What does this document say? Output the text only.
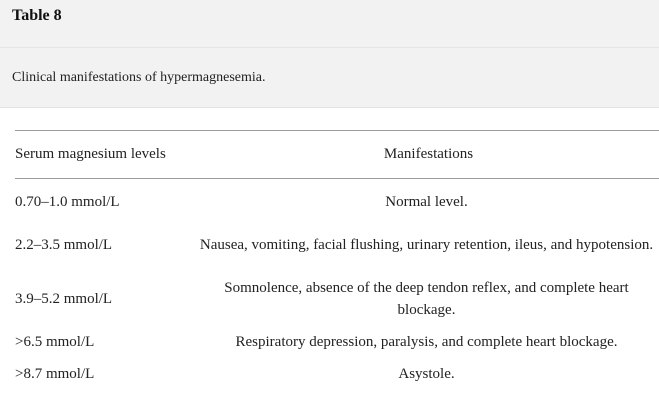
Table 8
Clinical manifestations of hypermagnesemia.
Serum magnesium levels	Manifestations
0.70–1.0 mmol/L	Normal level.
2.2–3.5 mmol/L	Nausea, vomiting, facial flushing, urinary retention, ileus, and hypotension.
3.9–5.2 mmol/L	Somnolence, absence of the deep tendon reflex, and complete heart blockage.
>6.5 mmol/L	Respiratory depression, paralysis, and complete heart blockage.
>8.7 mmol/L	Asystole.
